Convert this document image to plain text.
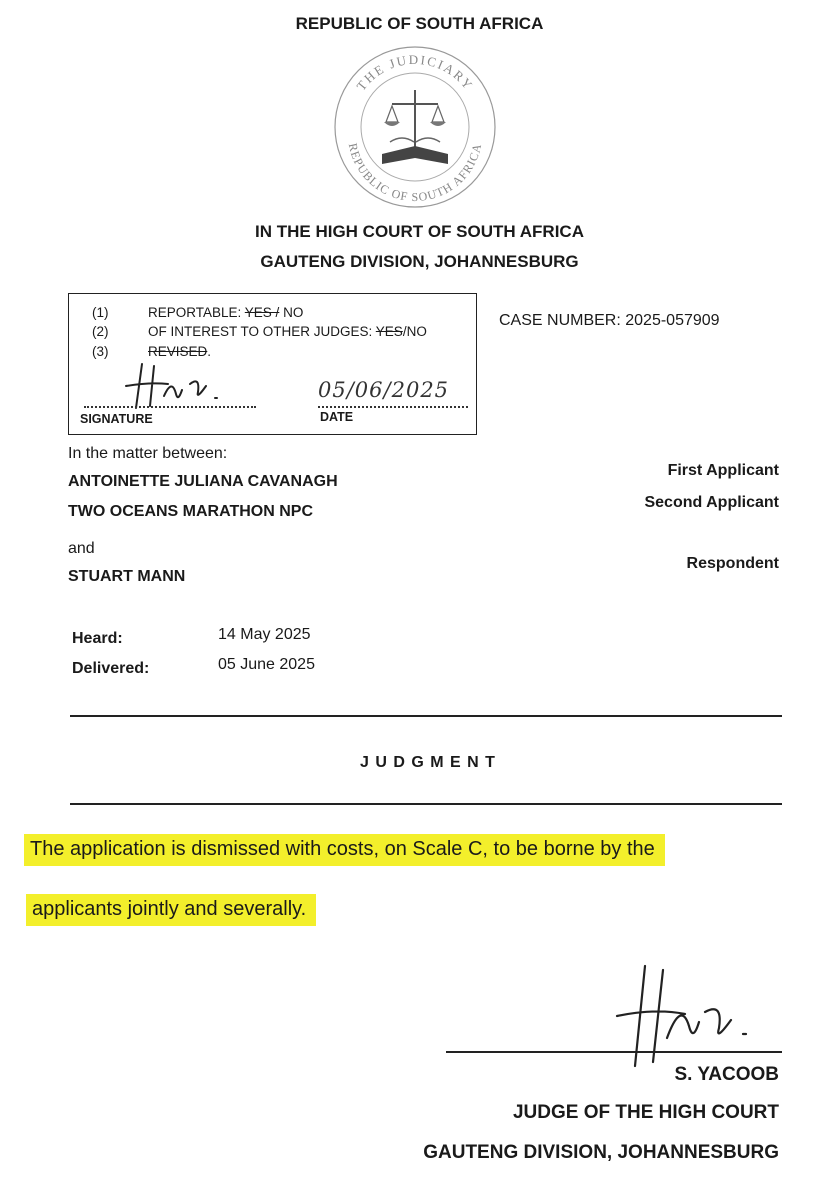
REPUBLIC OF SOUTH AFRICA
THE JUDICIARY
REPUBLIC OF SOUTH AFRICA
IN THE HIGH COURT OF SOUTH AFRICA
GAUTENG DIVISION, JOHANNESBURG
(1)	REPORTABLE: YES / NO
(2)	OF INTEREST TO OTHER JUDGES: YES/NO
(3)	REVISED.
05/06/2025
SIGNATURE	DATE
CASE NUMBER: 2025-057909
In the matter between:
ANTOINETTE JULIANA CAVANAGH
First Applicant
TWO OCEANS MARATHON NPC
Second Applicant
and
STUART MANN
Respondent
Heard:	14 May 2025
Delivered:	05 June 2025
J U D G M E N T
The application is dismissed with costs, on Scale C, to be borne by the
applicants jointly and severally.
S. YACOOB
JUDGE OF THE HIGH COURT
GAUTENG DIVISION, JOHANNESBURG
